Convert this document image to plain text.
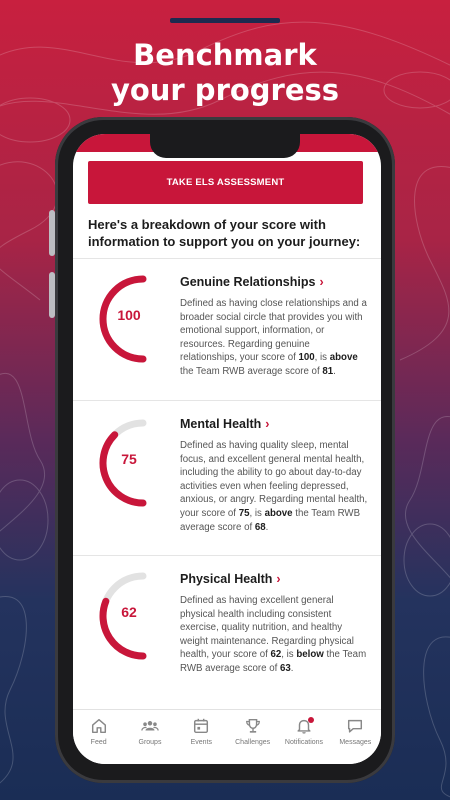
Benchmark
your progress
TAKE ELS ASSESSMENT
Here's a breakdown of your score with information to support you on your journey:
100
Genuine Relationships ›
Defined as having close relationships and a broader social circle that provides you with emotional support, information, or resources. Regarding genuine relationships, your score of 100, is above the Team RWB average score of 81.
75
Mental Health ›
Defined as having quality sleep, mental focus, and excellent general mental health, including the ability to go about day-to-day activities even when feeling depressed, anxious, or angry. Regarding mental health, your score of 75, is above the Team RWB average score of 68.
62
Physical Health ›
Defined as having excellent general physical health including consistent exercise, quality nutrition, and healthy weight maintenance. Regarding physical health, your score of 62, is below the Team RWB average score of 63.
Feed	Groups	Events	Challenges Notifications Messages
